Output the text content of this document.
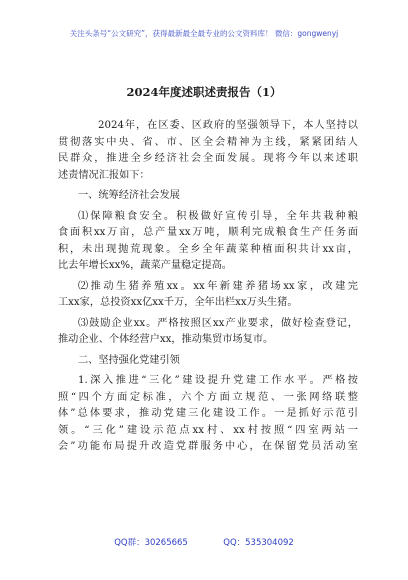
关注头条号“公文研究”，获得最新最全最专业的公文资料库！ 微信：gongwenyj
2024年度述职述责报告（1）
2024年，在区委、区政府的坚强领导下，本人坚持以
贯彻落实中央、省、市、区全会精神为主线，紧紧团结人
民群众，推进全乡经济社会全面发展。现将今年以来述职
述责情况汇报如下：
一、统筹经济社会发展
⑴保障粮食安全。积极做好宣传引导，全年共栽种粮
食面积xx万亩，总产量xx万吨，顺利完成粮食生产任务面
积，未出现抛荒现象。全乡全年蔬菜种植面积共计xx亩，
比去年增长xx%，蔬菜产量稳定提高。
⑵推动生猪养殖xx。xx年新建养猪场xx家，改建完
工xx家，总投资xx亿xx千万，全年出栏xx万头生猪。
⑶鼓励企业xx。严格按照区xx产业要求，做好检查登记，
推动企业、个体经营户xx，推动集贸市场复市。
二、坚持强化党建引领
1.深入推进“三化”建设提升党建工作水平。严格按
照“四个方面定标准，六个方面立规范、一张网络联整
体”总体要求，推动党建三化建设工作。一是抓好示范引
领。“三化”建设示范点xx村、xx村按照“四室两站一
会”功能布局提升改造党群服务中心，在保留党员活动室
QQ群：30265665	QQ：535304092
